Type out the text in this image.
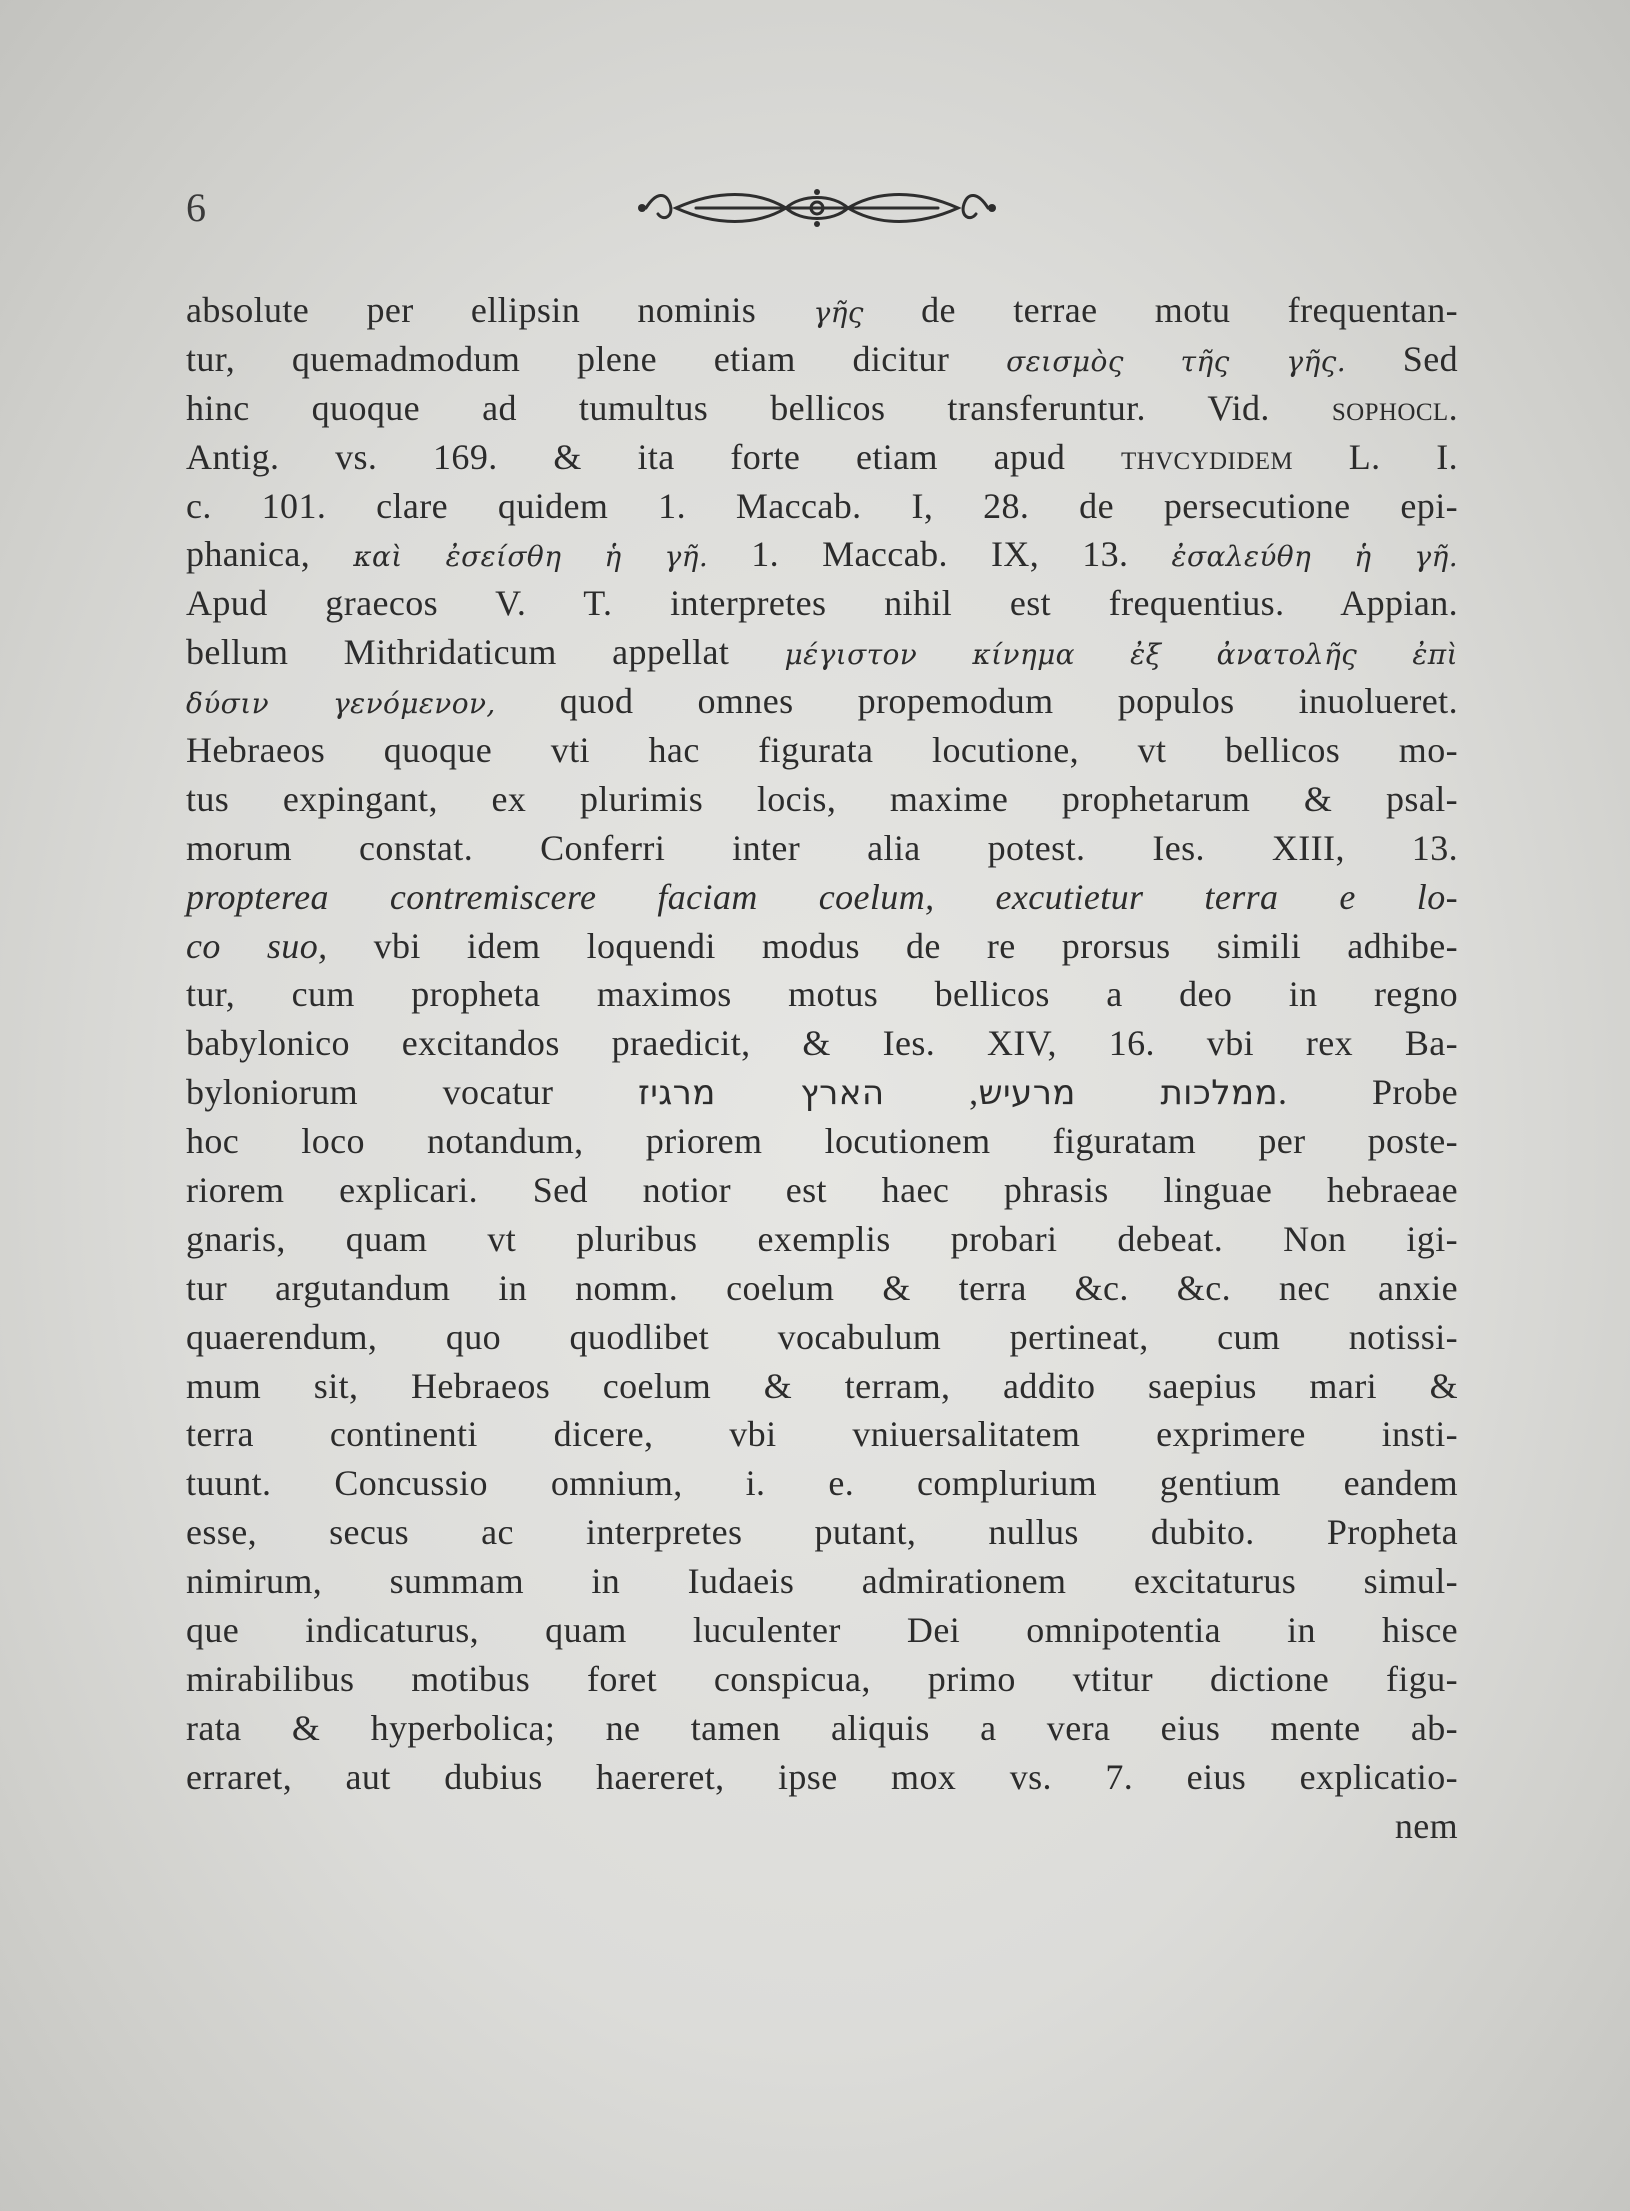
6
absolute per ellipsin nominis γῆς de terrae motu frequentan-
tur, quemadmodum plene etiam dicitur σεισμὸς τῆς γῆς. Sed
hinc quoque ad tumultus bellicos transferuntur. Vid. sophocl.
Antig. vs. 169. & ita forte etiam apud thvcydidem L. I.
c. 101. clare quidem 1. Maccab. I, 28. de persecutione epi-
phanica, καὶ ἐσείσθη ἡ γῆ. 1. Maccab. IX, 13. ἐσαλεύθη ἡ γῆ.
Apud graecos V. T. interpretes nihil est frequentius. Appian.
bellum Mithridaticum appellat μέγιστον κίνημα ἐξ ἀνατολῆς ἐπὶ
δύσιν γενόμενον, quod omnes propemodum populos inuolueret.
Hebraeos quoque vti hac figurata locutione, vt bellicos mo-
tus expingant, ex plurimis locis, maxime prophetarum & psal-
morum constat. Conferri inter alia potest. Ies. XIII, 13.
propterea contremiscere faciam coelum, excutietur terra e lo-
co suo, vbi idem loquendi modus de re prorsus simili adhibe-
tur, cum propheta maximos motus bellicos a deo in regno
babylonico excitandos praedicit, & Ies. XIV, 16. vbi rex Ba-
byloniorum vocatur	ממלכות מרעיש, הארץ מרגיז	. Probe
hoc loco notandum, priorem locutionem figuratam per poste-
riorem explicari. Sed notior est haec phrasis linguae hebraeae
gnaris, quam vt pluribus exemplis probari debeat. Non igi-
tur argutandum in nomm. coelum & terra &c. &c. nec anxie
quaerendum, quo quodlibet vocabulum pertineat, cum notissi-
mum sit, Hebraeos coelum & terram, addito saepius mari &
terra continenti dicere, vbi vniuersalitatem exprimere insti-
tuunt. Concussio omnium, i. e. complurium gentium eandem
esse, secus ac interpretes putant, nullus dubito. Propheta
nimirum, summam in Iudaeis admirationem excitaturus simul-
que indicaturus, quam luculenter Dei omnipotentia in hisce
mirabilibus motibus foret conspicua, primo vtitur dictione figu-
rata & hyperbolica; ne tamen aliquis a vera eius mente ab-
erraret, aut dubius haereret, ipse mox vs. 7. eius explicatio-
nem
